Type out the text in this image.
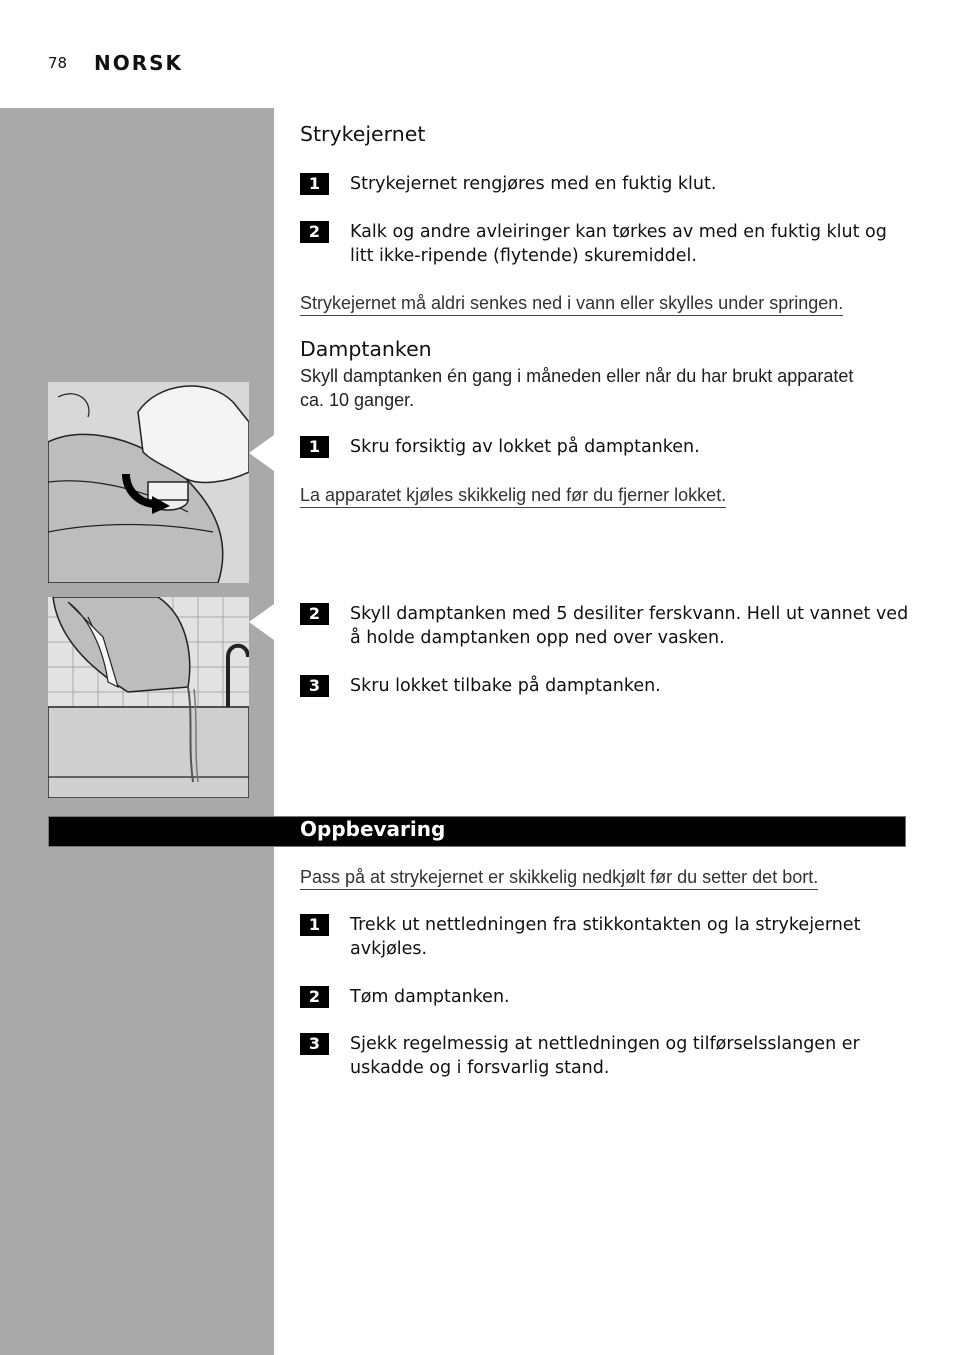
78 NORSK
Strykejernet
1	Strykejernet rengjøres med en fuktig klut.
2	Kalk og andre avleiringer kan tørkes av med en fuktig klut og
litt ikke-ripende (flytende) skuremiddel.
Strykejernet må aldri senkes ned i vann eller skylles under springen.
Damptanken
Skyll damptanken én gang i måneden eller når du har brukt apparatet
ca. 10 ganger.
1	Skru forsiktig av lokket på damptanken.
La apparatet kjøles skikkelig ned før du fjerner lokket.
2	Skyll damptanken med 5 desiliter ferskvann. Hell ut vannet ved
å holde damptanken opp ned over vasken.
3	Skru lokket tilbake på damptanken.
Oppbevaring
Pass på at strykejernet er skikkelig nedkjølt før du setter det bort.
1	Trekk ut nettledningen fra stikkontakten og la strykejernet
avkjøles.
2	Tøm damptanken.
3	Sjekk regelmessig at nettledningen og tilførselsslangen er
uskadde og i forsvarlig stand.
